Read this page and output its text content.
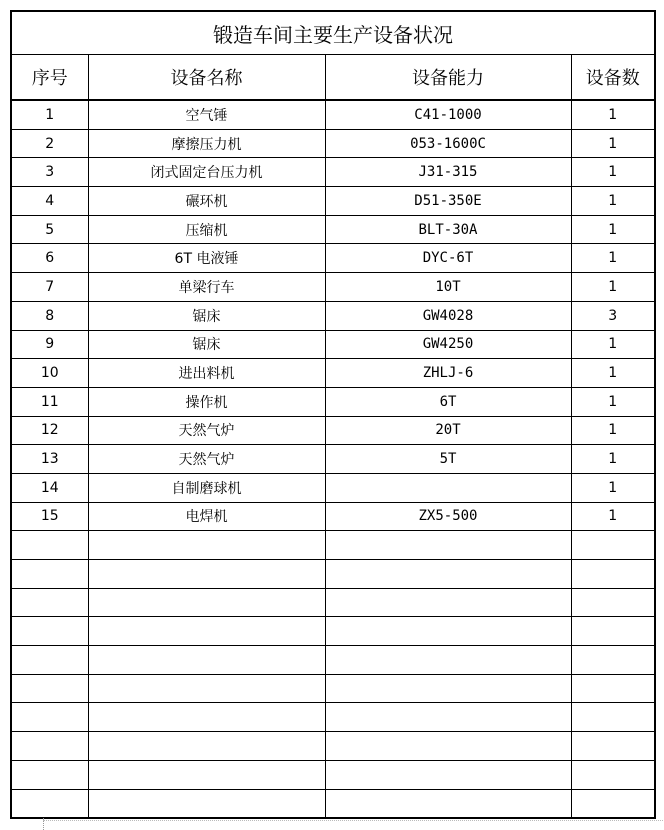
锻造车间主要生产设备状况			
序号	设备名称	设备能力	设备数
1	空气锤	C41-1000	1
2	摩擦压力机	053-1600C	1
3	闭式固定台压力机	J31-315	1
4	碾环机	D51-350E	1
5	压缩机	BLT-30A	1
6	6T 电液锤	DYC-6T	1
7	单梁行车	10T	1
8	锯床	GW4028	3
9	锯床	GW4250	1
10	进出料机	ZHLJ-6	1
11	操作机	6T	1
12	天然气炉	20T	1
13	天然气炉	5T	1
14	自制磨球机		1
15	电焊机	ZX5-500	1
